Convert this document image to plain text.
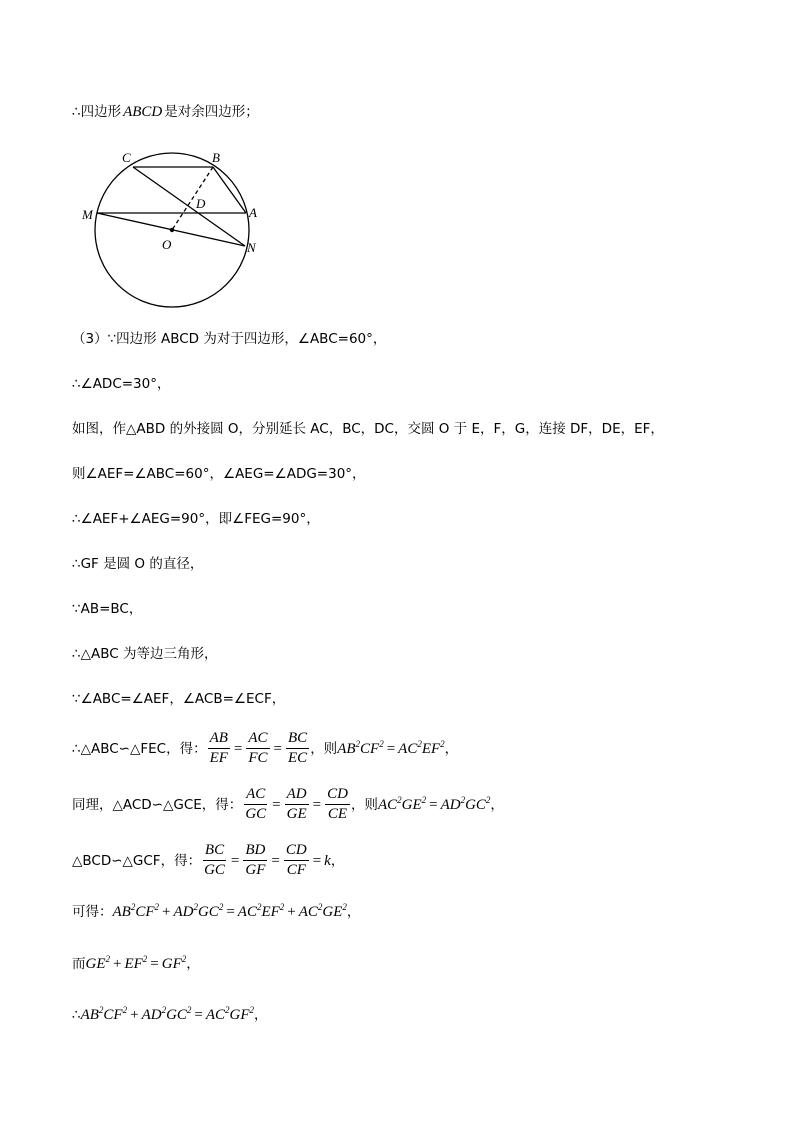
∴四边形 ABCD 是对余四边形；
C	B
D
M	A
O	N
（3）∵四边形 ABCD 为对于四边形，∠ABC=60°，
∴∠ADC=30°，
如图，作△ABD 的外接圆 O，分别延长 AC，BC，DC，交圆 O 于 E，F，G，连接 DF，DE，EF，
则∠AEF=∠ABC=60°，∠AEG=∠ADG=30°，
∴∠AEF+∠AEG=90°，即∠FEG=90°，
∴GF 是圆 O 的直径，
∵AB=BC，
∴△ABC 为等边三角形，
∵∠ABC=∠AEF，∠ACB=∠ECF，
∴△ABC∽△FEC，得： $\frac{AB}{EF} = \frac{AC}{FC} = \frac{BC}{EC}$ ，则 $AB^2CF^2 = AC^2EF^2$ ，
同理，△ACD∽△GCE，得： $\frac{AC}{GC} = \frac{AD}{GE} = \frac{CD}{CE}$ ，则 $AC^2GE^2 = AD^2GC^2$ ，
△BCD∽△GCF，得： $\frac{BC}{GC} = \frac{BD}{GF} = \frac{CD}{CF} = k$ ，
可得： $AB^2CF^2 + AD^2GC^2 = AC^2EF^2 + AC^2GE^2$ ，
而 $GE^2 + EF^2 = GF^2$ ，
∴ $AB^2CF^2 + AD^2GC^2 = AC^2GF^2$ ，
